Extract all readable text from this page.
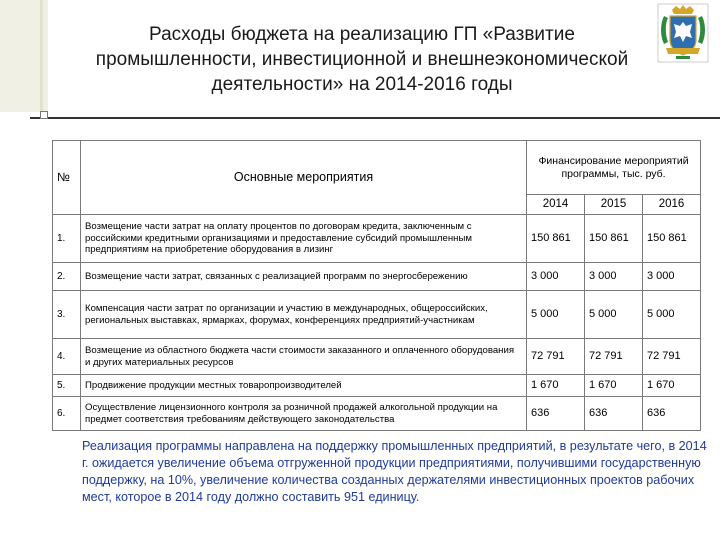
Расходы бюджета на реализацию ГП «Развитие промышленности, инвестиционной и внешнеэкономической деятельности» на 2014-2016 годы
№	Основные мероприятия	Финансирование мероприятий программы, тыс. руб.		
		2014	2015	2016
1.	Возмещение части затрат на оплату процентов по договорам кредита, заключенным с российскими кредитными организациями и предоставление субсидий промышленным предприятиям на приобретение оборудования в лизинг	150 861	150 861	150 861
2.	Возмещение части затрат, связанных с реализацией программ по энергосбережению	3 000	3 000	3 000
3.	Компенсация части затрат по организации и участию в международных, общероссийских, региональных выставках, ярмарках, форумах, конференциях предприятий-участникам	5 000	5 000	5 000
4.	Возмещение из областного бюджета части стоимости заказанного и оплаченного оборудования и других материальных ресурсов	72 791	72 791	72 791
5.	Продвижение продукции местных товаропроизводителей	1 670	1 670	1 670
6.	Осуществление лицензионного контроля за розничной продажей алкогольной продукции на предмет соответствия требованиям действующего законодательства	636	636	636
Реализация программы направлена на поддержку промышленных предприятий, в результате чего, в 2014 г. ожидается увеличение объема отгруженной продукции предприятиями, получившими государственную поддержку, на 10%, увеличение количества созданных держателями инвестиционных проектов рабочих мест, которое в 2014 году должно составить 951 единицу.
